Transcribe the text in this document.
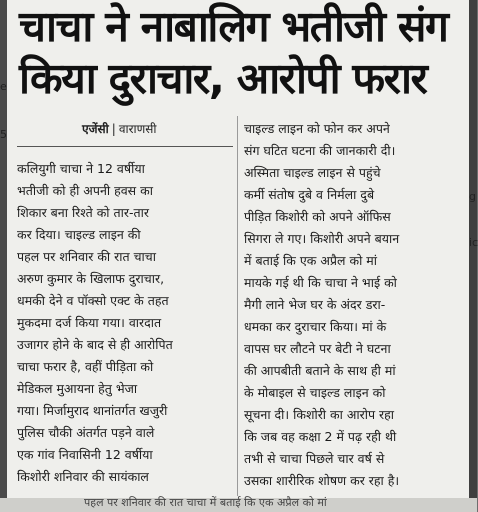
e
5
g
ic
चाचा ने नाबालिग भतीजी संग
किया दुराचार, आरोपी फरार
एजेंसी | वाराणसी
कलियुगी चाचा ने 12 वर्षीया
भतीजी को ही अपनी हवस का
शिकार बना रिश्ते को तार-तार
कर दिया। चाइल्ड लाइन की
पहल पर शनिवार की रात चाचा
अरुण कुमार के खिलाफ दुराचार,
धमकी देने व पॉक्सो एक्ट के तहत
मुकदमा दर्ज किया गया। वारदात
उजागर होने के बाद से ही आरोपित
चाचा फरार है, वहीं पीड़िता को
मेडिकल मुआयना हेतु भेजा
गया। मिर्जामुराद थानांतर्गत खजुरी
पुलिस चौकी अंतर्गत पड़ने वाले
एक गांव निवासिनी 12 वर्षीया
किशोरी शनिवार की सायंकाल
चाइल्ड लाइन को फोन कर अपने
संग घटित घटना की जानकारी दी।
अस्मिता चाइल्ड लाइन से पहुंचे
कर्मी संतोष दुबे व निर्मला दुबे
पीड़ित किशोरी को अपने ऑफिस
सिगरा ले गए। किशोरी अपने बयान
में बताई कि एक अप्रैल को मां
मायके गई थी कि चाचा ने भाई को
मैगी लाने भेज घर के अंदर डरा-
धमका कर दुराचार किया। मां के
वापस घर लौटने पर बेटी ने घटना
की आपबीती बताने के साथ ही मां
के मोबाइल से चाइल्ड लाइन को
सूचना दी। किशोरी का आरोप रहा
कि जब वह कक्षा 2 में पढ़ रही थी
तभी से चाचा पिछले चार वर्ष से
उसका शारीरिक शोषण कर रहा है।
पहल पर शनिवार की रात चाचा में बताई कि एक अप्रैल को मां
